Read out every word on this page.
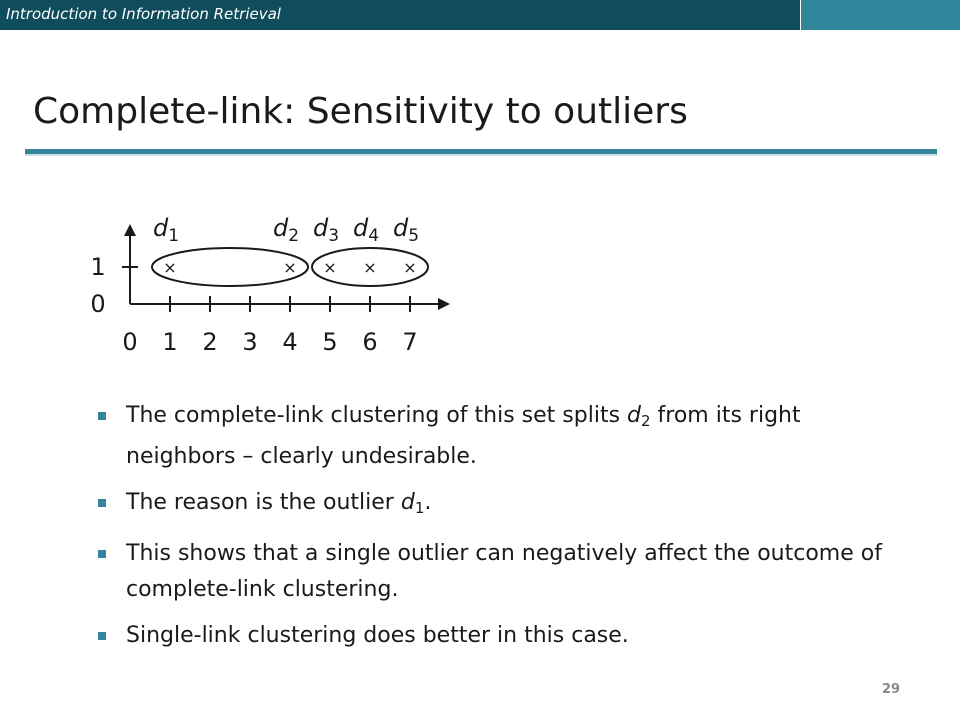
Introduction to Information Retrieval
Complete-link: Sensitivity to outliers
0 1 2 3 4 5 6 7
0
1	×
$d_1$
×
$d_2$
×
$d_3$
×
$d_4$
×
$d_5$
The complete-link clustering of this set splits $d_2$ from its right neighbors – clearly undesirable.
The reason is the outlier $d_1$.
This shows that a single outlier can negatively affect the outcome of complete-link clustering.
Single-link clustering does better in this case.
29
